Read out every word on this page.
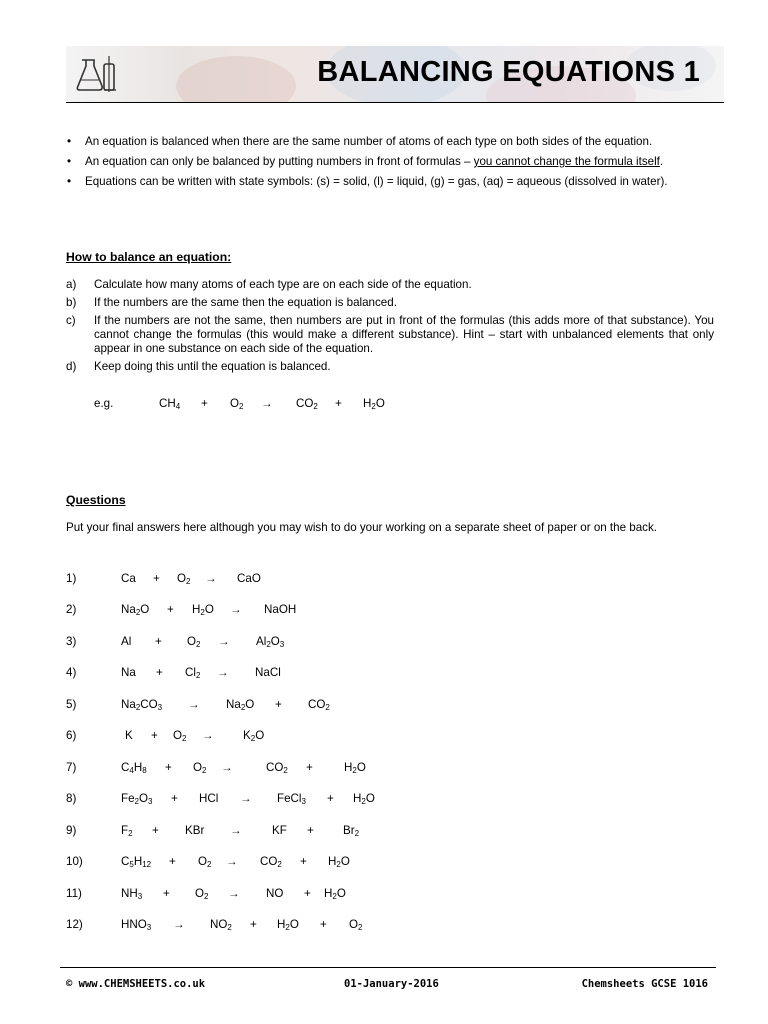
BALANCING EQUATIONS 1
• An equation is balanced when there are the same number of atoms of each type on both sides of the equation.
• An equation can only be balanced by putting numbers in front of formulas – you cannot change the formula itself.
• Equations can be written with state symbols: (s) = solid, (l) = liquid, (g) = gas, (aq) = aqueous (dissolved in water).
How to balance an equation:
a) Calculate how many atoms of each type are on each side of the equation.
b) If the numbers are the same then the equation is balanced.
c) If the numbers are not the same, then numbers are put in front of the formulas (this adds more of that substance). You cannot change the formulas (this would make a different substance). Hint – start with unbalanced elements that only appear in one substance on each side of the equation.
d) Keep doing this until the equation is balanced.
e.g.	$CH_4 + O_2 \to CO_2 + H_2O$
Questions
Put your final answers here although you may wish to do your working on a separate sheet of paper or on the back.
1)	$Ca + O_2$ → CaO
2)	$Na_2O + H_2O$ → NaOH
3)	$Al + O_2 \to Al_2O_3$
4)	$Na + Cl_2$ → NaCl
5)	$Na_2CO_3 \to Na_2O + CO_2$
6)	$K + O_2$ →	$K_2O$
7)	$C_4H_8 + O_2$ →	$CO_2$ +	$H_2O$
8)	$Fe_2O_3$ + HCl → FeCl$_3$ + $H_2O$
9)	$F_2$ + KBr →	KF +	$Br_2$
10)	$C_5H_{12} + O_2 \to CO_2 + H_2O$
11)	$NH_3 + O_2$ → NO + $H_2O$
12)	$HNO_3 \to NO_2 + H_2O + O_2$
© www.CHEMSHEETS.co.uk	01-January-2016	Chemsheets GCSE 1016
